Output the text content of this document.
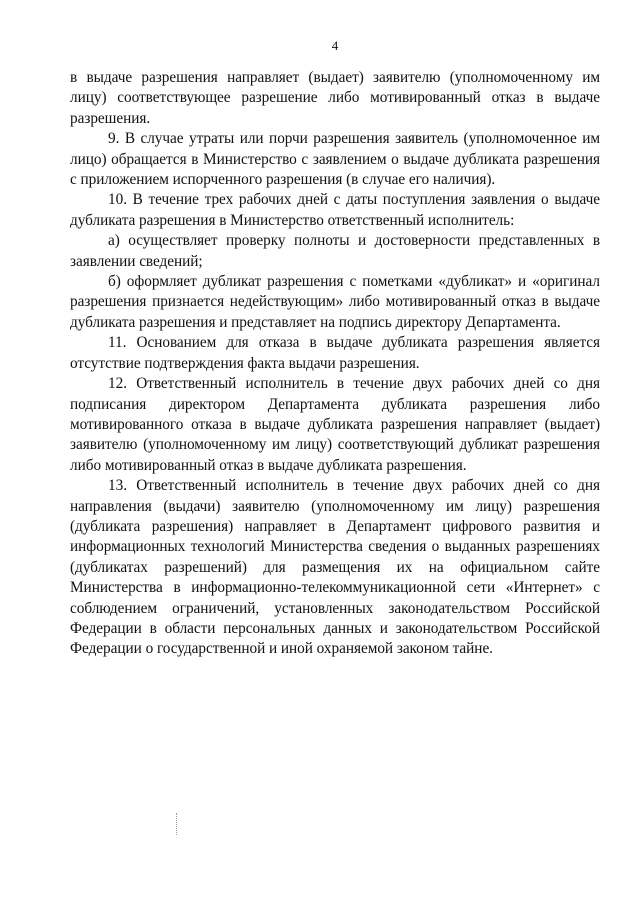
4

в выдаче разрешения направляет (выдает) заявителю (уполномоченному им лицу) соответствующее разрешение либо мотивированный отказ в выдаче разрешения.

9. В случае утраты или порчи разрешения заявитель (уполномоченное им лицо) обращается в Министерство с заявлением о выдаче дубликата разрешения с приложением испорченного разрешения (в случае его наличия).

10. В течение трех рабочих дней с даты поступления заявления о выдаче дубликата разрешения в Министерство ответственный исполнитель:

а) осуществляет проверку полноты и достоверности представленных в заявлении сведений;

б) оформляет дубликат разрешения с пометками «дубликат» и «оригинал разрешения признается недействующим» либо мотивированный отказ в выдаче дубликата разрешения и представляет на подпись директору Департамента.

11. Основанием для отказа в выдаче дубликата разрешения является отсутствие подтверждения факта выдачи разрешения.

12. Ответственный исполнитель в течение двух рабочих дней со дня подписания директором Департамента дубликата разрешения либо мотивированного отказа в выдаче дубликата разрешения направляет (выдает) заявителю (уполномоченному им лицу) соответствующий дубликат разрешения либо мотивированный отказ в выдаче дубликата разрешения.

13. Ответственный исполнитель в течение двух рабочих дней со дня направления (выдачи) заявителю (уполномоченному им лицу) разрешения (дубликата разрешения) направляет в Департамент цифрового развития и информационных технологий Министерства сведения о выданных разрешениях (дубликатах разрешений) для размещения их на официальном сайте Министерства в информационно-телекоммуникационной сети «Интернет» с соблюдением ограничений, установленных законодательством Российской Федерации в области персональных данных и законодательством Российской Федерации о государственной и иной охраняемой законом тайне.
